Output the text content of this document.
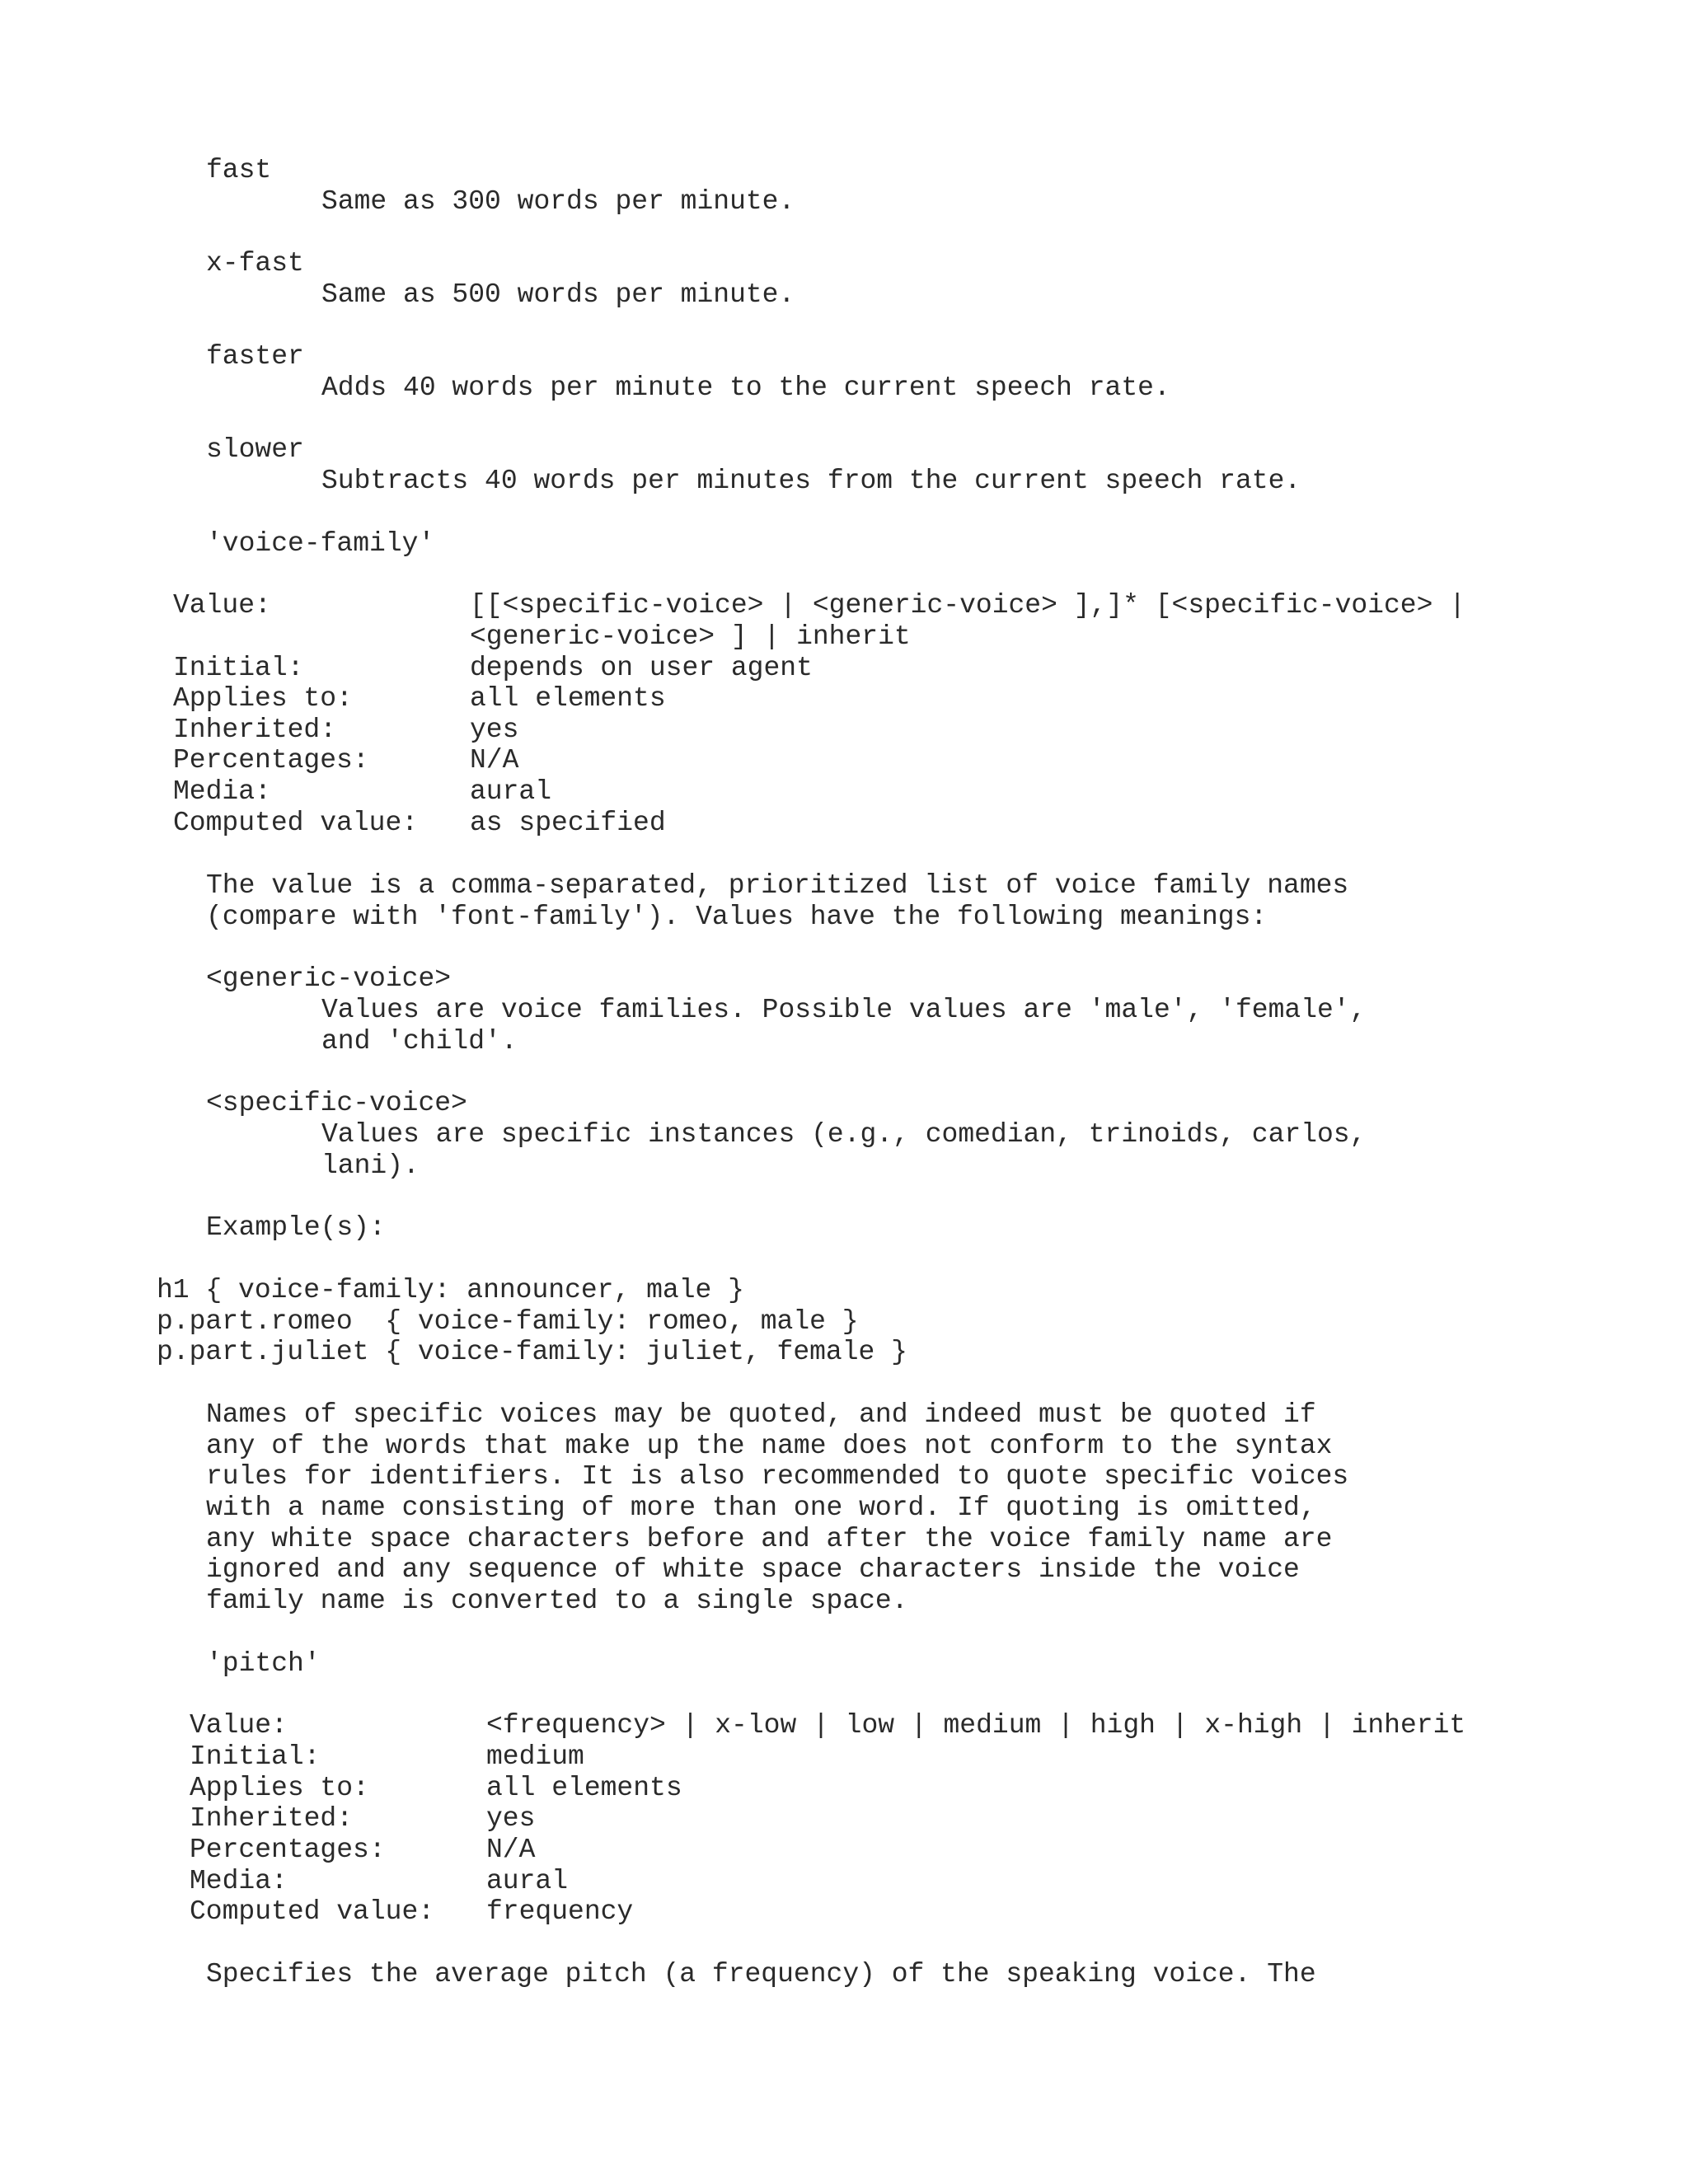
fast

Same as 300 words per minute.

x-fast

Same as 500 words per minute.

faster

Adds 40 words per minute to the current speech rate.

slower

Subtracts 40 words per minutes from the current speech rate.

'voice-family'

Value:	[[<specific-voice> | <generic-voice> ],]* [<specific-voice> |

<generic-voice> ] | inherit

Initial:	depends on user agent

Applies to:	all elements

Inherited:	yes

Percentages:	N/A

Media:	aural

Computed value: as specified

The value is a comma-separated, prioritized list of voice family names

(compare with 'font-family'). Values have the following meanings:

<generic-voice>

Values are voice families. Possible values are 'male', 'female',

and 'child'.

<specific-voice>

Values are specific instances (e.g., comedian, trinoids, carlos,

lani).

Example(s):

h1 { voice-family: announcer, male }

p.part.romeo  { voice-family: romeo, male }

p.part.juliet { voice-family: juliet, female }

Names of specific voices may be quoted, and indeed must be quoted if

any of the words that make up the name does not conform to the syntax

rules for identifiers. It is also recommended to quote specific voices

with a name consisting of more than one word. If quoting is omitted,

any white space characters before and after the voice family name are

ignored and any sequence of white space characters inside the voice

family name is converted to a single space.

'pitch'

Value:	<frequency> | x-low | low | medium | high | x-high | inherit

Initial:	medium

Applies to:	all elements

Inherited:	yes

Percentages:	N/A

Media:	aural

Computed value: frequency

Specifies the average pitch (a frequency) of the speaking voice. The
